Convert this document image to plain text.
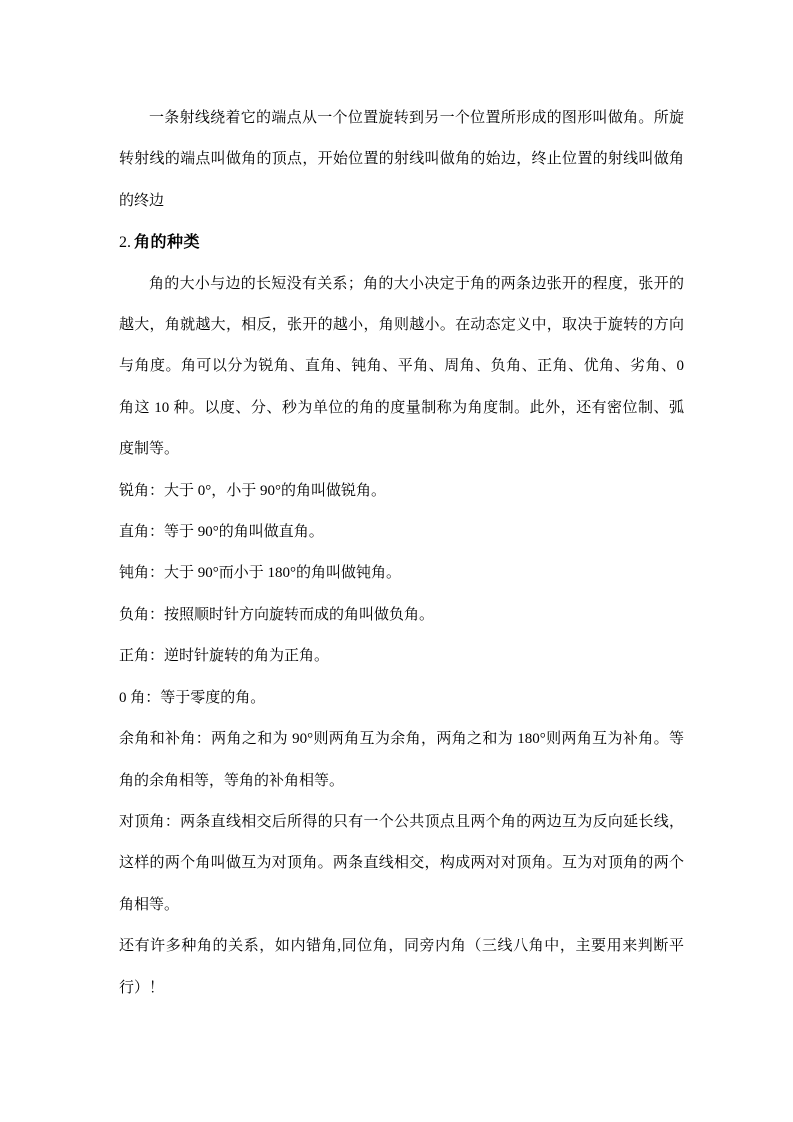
一条射线绕着它的端点从一个位置旋转到另一个位置所形成的图形叫做角。所旋
转射线的端点叫做角的顶点，开始位置的射线叫做角的始边，终止位置的射线叫做角
的终边
2. 角的种类
角的大小与边的长短没有关系；角的大小决定于角的两条边张开的程度，张开的
越大，角就越大，相反，张开的越小，角则越小。在动态定义中，取决于旋转的方向
与角度。角可以分为锐角、直角、钝角、平角、周角、负角、正角、优角、劣角、0
角这 10 种。以度、分、秒为单位的角的度量制称为角度制。此外，还有密位制、弧
度制等。
锐角：大于 0°，小于 90°的角叫做锐角。
直角：等于 90°的角叫做直角。
钝角：大于 90°而小于 180°的角叫做钝角。
负角：按照顺时针方向旋转而成的角叫做负角。
正角：逆时针旋转的角为正角。
0 角：等于零度的角。
余角和补角：两角之和为 90°则两角互为余角，两角之和为 180°则两角互为补角。等
角的余角相等，等角的补角相等。
对顶角：两条直线相交后所得的只有一个公共顶点且两个角的两边互为反向延长线，
这样的两个角叫做互为对顶角。两条直线相交，构成两对对顶角。互为对顶角的两个
角相等。
还有许多种角的关系，如内错角,同位角，同旁内角（三线八角中，主要用来判断平
行）！
